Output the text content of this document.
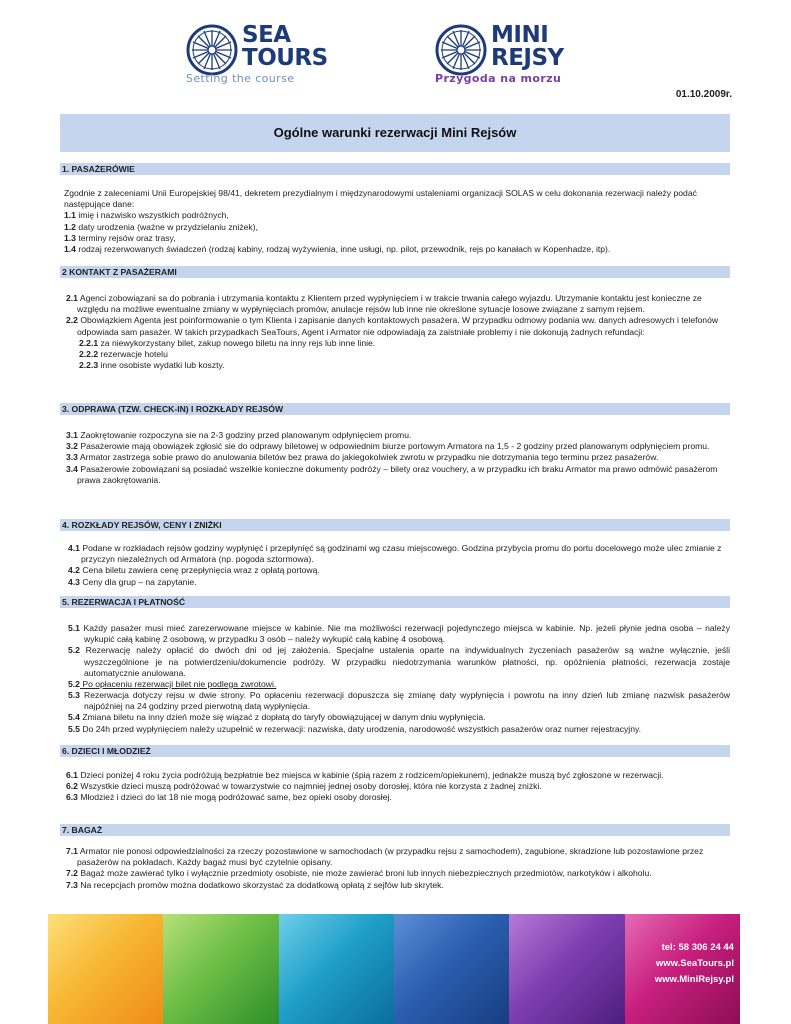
SEA
TOURS
Setting the course
MINI
REJSY
Przygoda na morzu
01.10.2009r.
Ogólne warunki rezerwacji Mini Rejsów
1. PASAŻERÓWIE
Zgodnie z zaleceniami Unii Europejskiej 98/41, dekretem prezydialnym i międzynarodowymi ustaleniami organizacji SOLAS w celu dokonania rezerwacji należy podać następujące dane:
1.1 imię i nazwisko wszystkich podróżnych,
1.2 daty urodzenia (ważne w przydzielaniu zniżek),
1.3 terminy rejsów oraz trasy,
1.4 rodzaj rezerwowanych świadczeń (rodzaj kabiny, rodzaj wyżywienia, inne usługi, np. pilot, przewodnik, rejs po kanałach w Kopenhadze, itp).
2 KONTAKT Z PASAŻERAMI
2.1 Agenci zobowiązani sa do pobrania i utrzymania kontaktu z Klientem przed wypłynięciem i w trakcie trwania całego wyjazdu. Utrzymanie kontaktu jest konieczne ze względu na możliwe ewentualne zmiany w wypłynięciach promów, anulacje rejsów lub inne nie określone sytuacje losowe związane z samym rejsem.
2.2 Obowiązkiem Agenta jest poinformowanie o tym Klienta i zapisanie danych kontaktowych pasażera. W przypadku odmowy podania ww. danych adresowych i telefonów odpowiada sam pasażer. W takich przypadkach SeaTours, Agent i Armator nie odpowiadają za zaistniałe problemy i nie dokonują żadnych refundacji:
2.2.1 za niewykorzystany bilet, zakup nowego biletu na inny rejs lub inne linie.
2.2.2 rezerwacje hotelu
2.2.3 inne osobiste wydatki lub koszty.
3. ODPRAWA (TZW. CHECK-IN) I ROZKŁADY REJSÓW
3.1 Zaokrętowanie rozpoczyna sie na 2-3 godziny przed planowanym odpłynięciem promu.
3.2 Pasażerowie mają obowiązek zgłosić sie do odprawy biletowej w odpowiednim biurze portowym Armatora na 1,5 - 2 godziny przed planowanym odpłynięciem promu.
3.3 Armator zastrzega sobie prawo do anulowania biletów bez prawa do jakiegokolwiek zwrotu w przypadku nie dotrzymania tego terminu przez pasażerów.
3.4 Pasażerowie zobowiązani są posiadać wszelkie konieczne dokumenty podróży – bilety oraz vouchery, a w przypadku ich braku Armator ma prawo odmówić pasażerom prawa zaokrętowania.
4. ROZKŁADY REJSÓW, CENY I ZNIŻKI
4.1 Podane w rozkładach rejsów godziny wypłynięć i przepłynięć są godzinami wg czasu miejscowego. Godzina przybycia promu do portu docelowego może ulec zmianie z przyczyn niezależnych od Armatora (np. pogoda sztormowa).
4.2 Cena biletu zawiera cenę przepłynięcia wraz z opłatą portową.
4.3 Ceny dla grup – na zapytanie.
5. REZERWACJA I PŁATNOŚĆ
5.1 Każdy pasażer musi mieć zarezerwowane miejsce w kabinie. Nie ma możliwości rezerwacji pojedynczego miejsca w kabinie. Np. jeżeli płynie jedna osoba – należy wykupić całą kabinę 2 osobową, w przypadku 3 osób – należy wykupić całą kabinę 4 osobową.
5.2 Rezerwację należy opłacić do dwóch dni od jej założenia. Specjalne ustalenia oparte na indywidualnych życzeniach pasażerów są ważne wyłącznie, jeśli wyszczególnione je na potwierdzeniu/dokumencie podróży. W przypadku niedotrzymania warunków płatności, np. opóźnienia płatności, rezerwacja zostaje automatycznie anulowana.
5.2 Po opłaceniu rezerwacji bilet nie podlega zwrotowi.
5.3 Rezerwacja dotyczy rejsu w dwie strony. Po opłaceniu rezerwacji dopuszcza się zmianę daty wypłynięcia i powrotu na inny dzień lub zmianę nazwisk pasażerów najpóźniej na 24 godziny przed pierwotną datą wypłynięcia.
5.4 Zmiana biletu na inny dzień może się wiązać z dopłatą do taryfy obowiązującej w danym dniu wypłynięcia.
5.5 Do 24h przed wypłynięciem należy uzupełnić w rezerwacji: nazwiska, daty urodzenia, narodowość wszystkich pasażerów oraz numer rejestracyjny.
6. DZIECI I MŁODZIEŻ
6.1 Dzieci poniżej 4 roku życia podróżują bezpłatnie bez miejsca w kabinie (śpią razem z rodzicem/opiekunem), jednakże muszą być zgłoszone w rezerwacji.
6.2 Wszystkie dzieci muszą podróżować w towarzystwie co najmniej jednej osoby dorosłej, która nie korzysta z żadnej zniżki.
6.3 Młodzież i dzieci do lat 18 nie mogą podróżować same, bez opieki osoby dorosłej.
7. BAGAŻ
7.1 Armator nie ponosi odpowiedzialności za rzeczy pozostawione w samochodach (w przypadku rejsu z samochodem), zagubione, skradzione lub pozostawione przez pasażerów na pokładach. Każdy bagaż musi być czytelnie opisany.
7.2 Bagaż może zawierać tylko i wyłącznie przedmioty osobiste, nie może zawierać broni lub innych niebezpiecznych przedmiotów, narkotyków i alkoholu.
7.3 Na recepcjach promów można dodatkowo skorzystać za dodatkową opłatą z sejfów lub skrytek.
tel: 58 306 24 44
www.SeaTours.pl
www.MiniRejsy.pl
